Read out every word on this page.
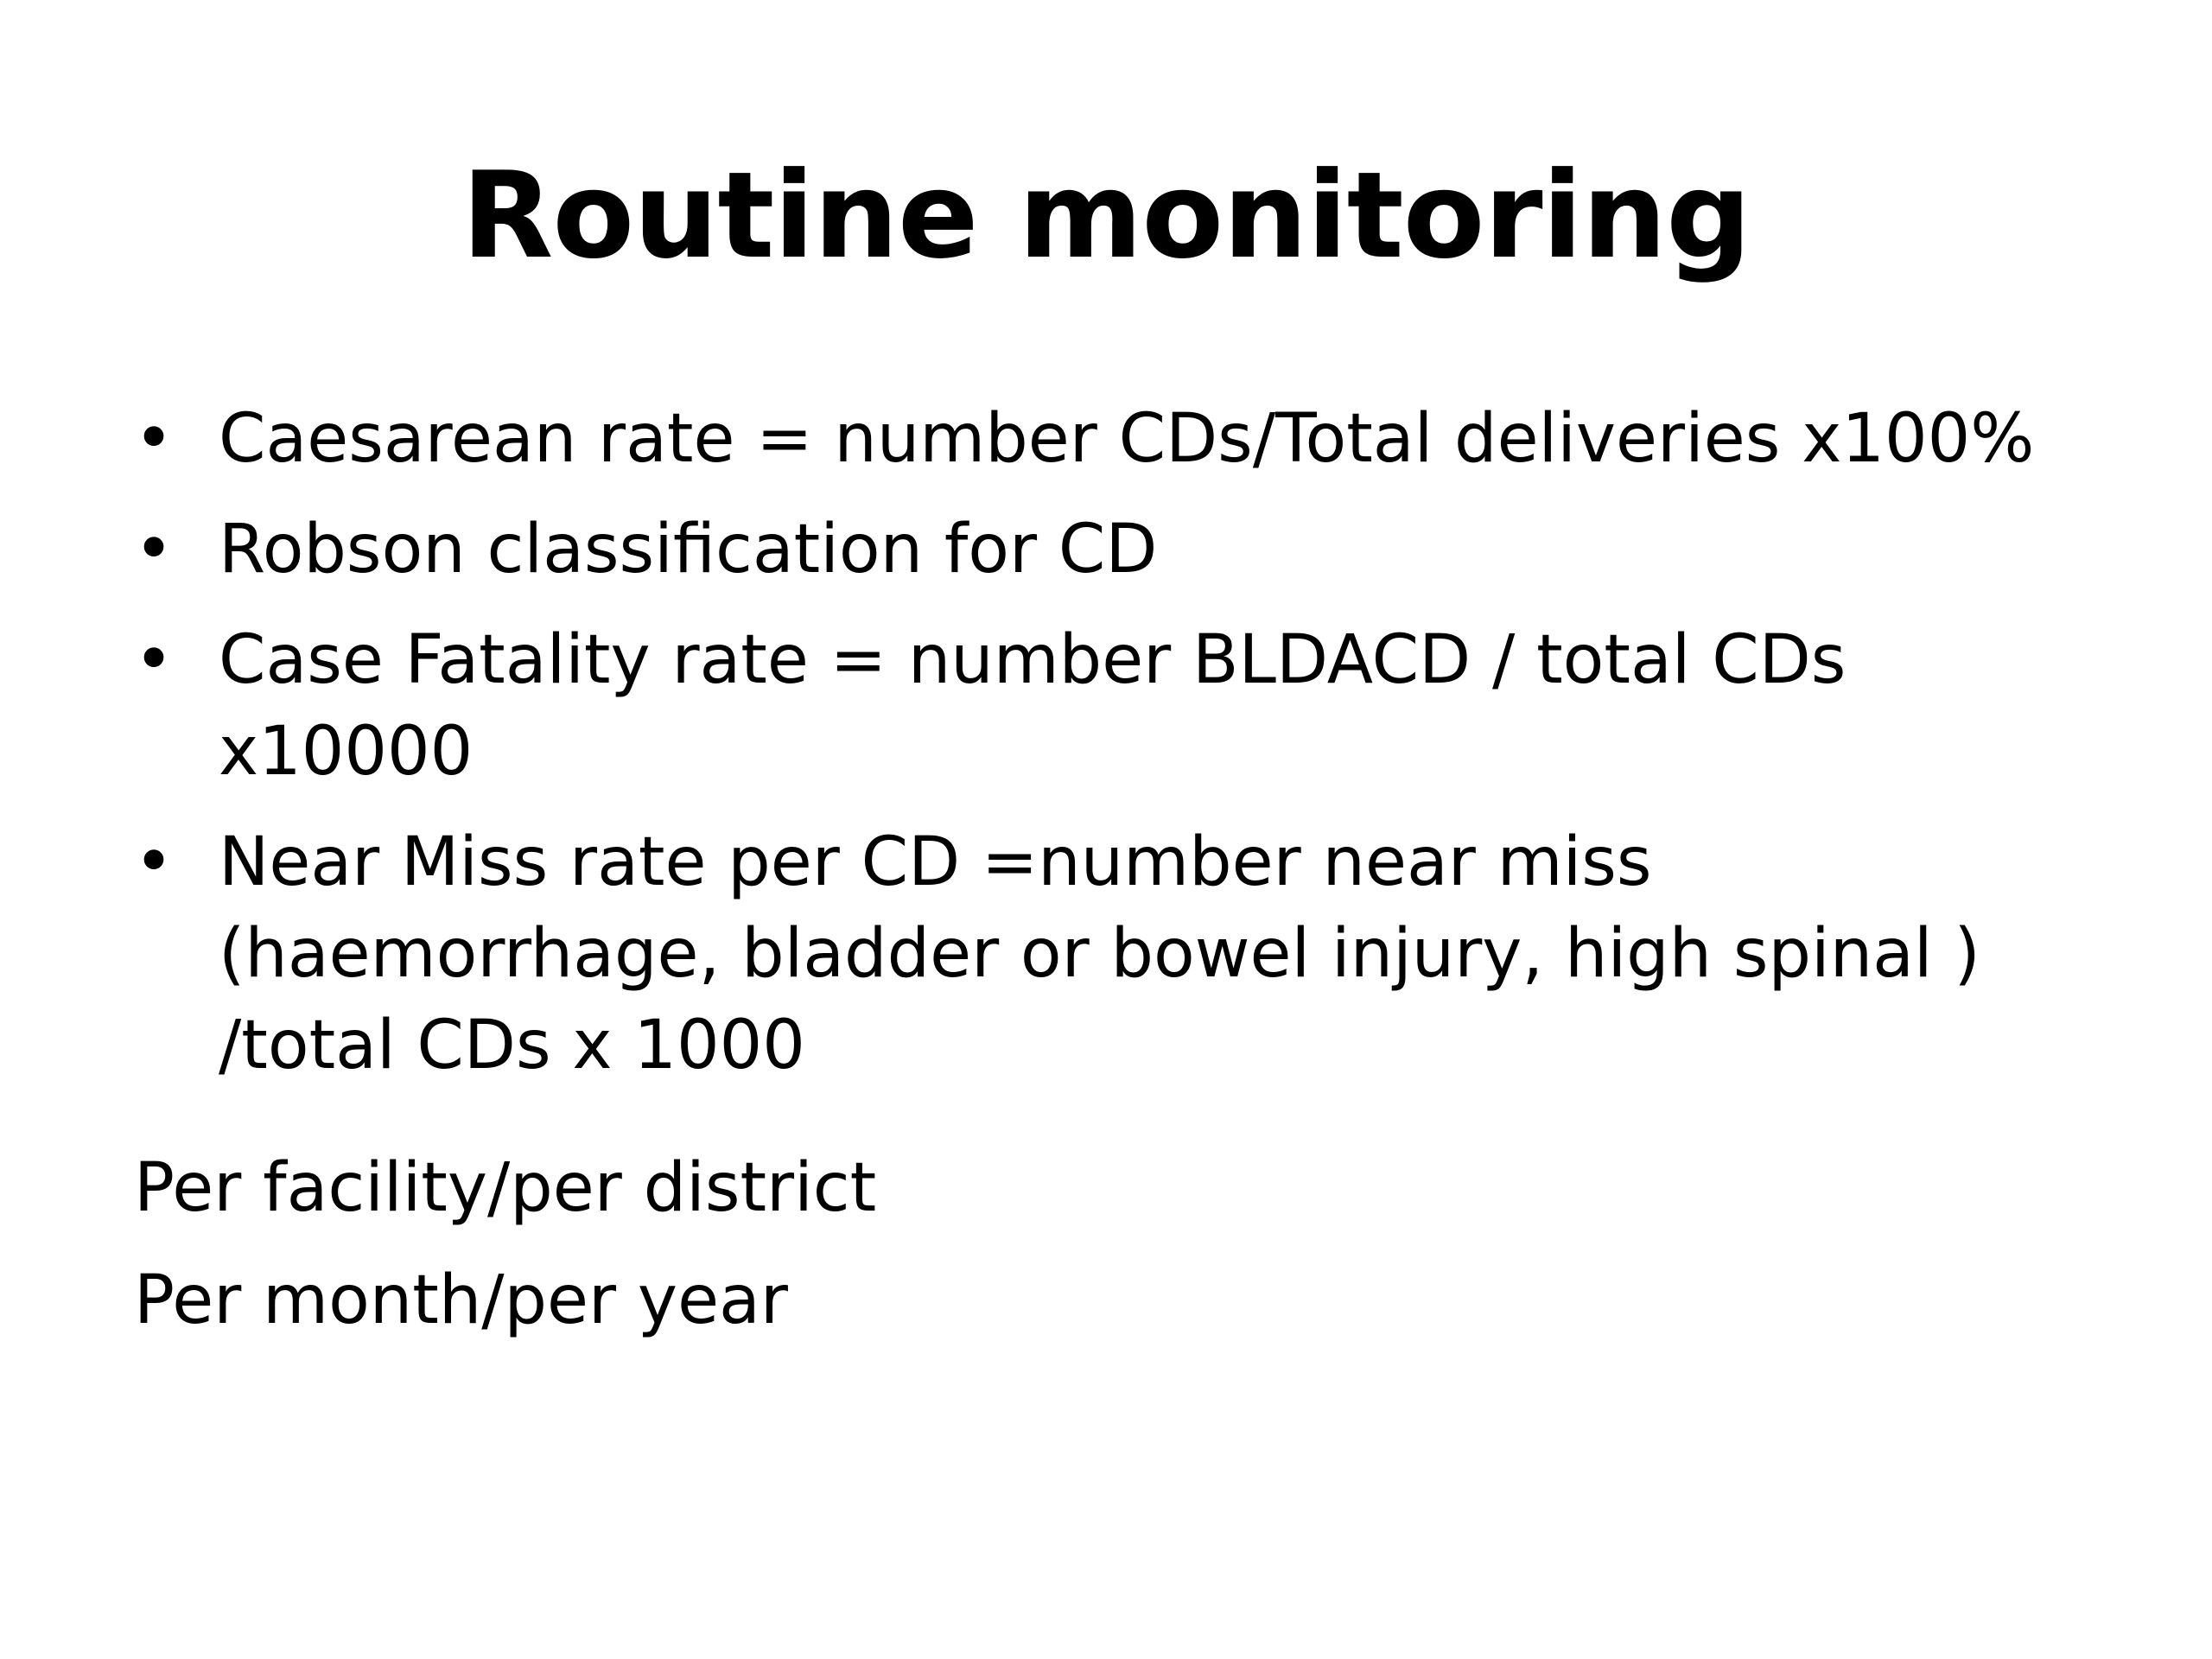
Routine monitoring
• Caesarean rate = number CDs/Total deliveries x100%
• Robson classification for CD
• Case Fatality rate = number BLDACD / total CDs x10000
• Near Miss rate per CD =number near miss (haemorrhage, bladder or bowel injury, high spinal ) /total CDs x 1000
Per facility/per district
Per month/per year
